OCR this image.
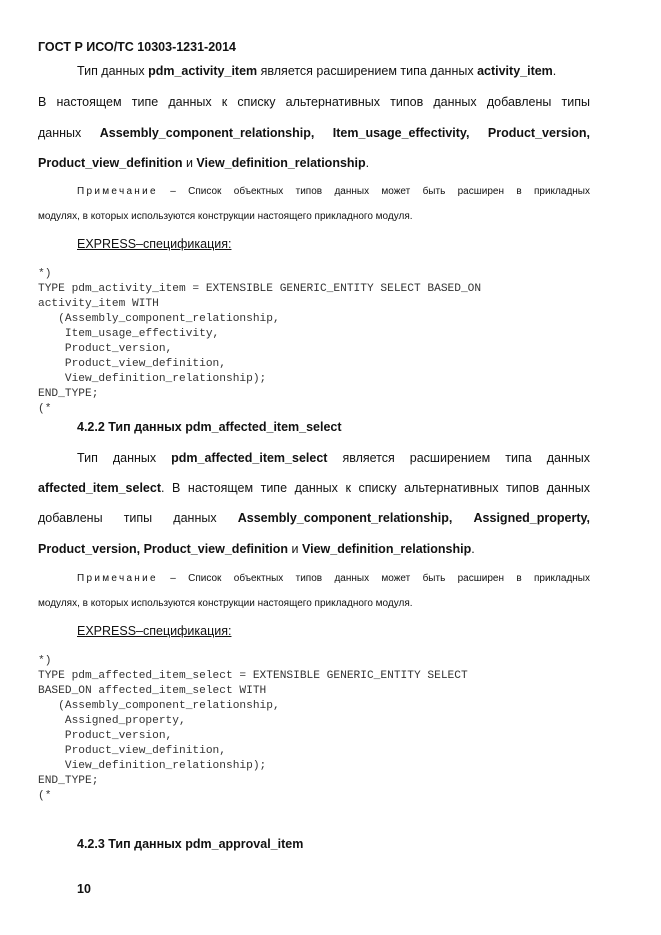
ГОСТ Р ИСО/ТС 10303-1231-2014
Тип данных pdm_activity_item является расширением типа данных activity_item.
В настоящем типе данных к списку альтернативных типов данных добавлены типы
данных Assembly_component_relationship, Item_usage_effectivity, Product_version,
Product_view_definition и View_definition_relationship.
Примечание – Список объектных типов данных может быть расширен в прикладных
модулях, в которых используются конструкции настоящего прикладного модуля.
EXPRESS–спецификация:
*)
TYPE pdm_activity_item = EXTENSIBLE GENERIC_ENTITY SELECT BASED_ON
activity_item WITH
(Assembly_component_relationship,
Item_usage_effectivity,
Product_version,
Product_view_definition,
View_definition_relationship);
END_TYPE;
(*
4.2.2 Тип данных pdm_affected_item_select
Тип данных pdm_affected_item_select является расширением типа данных
affected_item_select. В настоящем типе данных к списку альтернативных типов данных
добавлены типы данных Assembly_component_relationship, Assigned_property,
Product_version, Product_view_definition и View_definition_relationship.
Примечание – Список объектных типов данных может быть расширен в прикладных
модулях, в которых используются конструкции настоящего прикладного модуля.
EXPRESS–спецификация:
*)
TYPE pdm_affected_item_select = EXTENSIBLE GENERIC_ENTITY SELECT
BASED_ON affected_item_select WITH
(Assembly_component_relationship,
Assigned_property,
Product_version,
Product_view_definition,
View_definition_relationship);
END_TYPE;
(*
4.2.3 Тип данных pdm_approval_item
10
